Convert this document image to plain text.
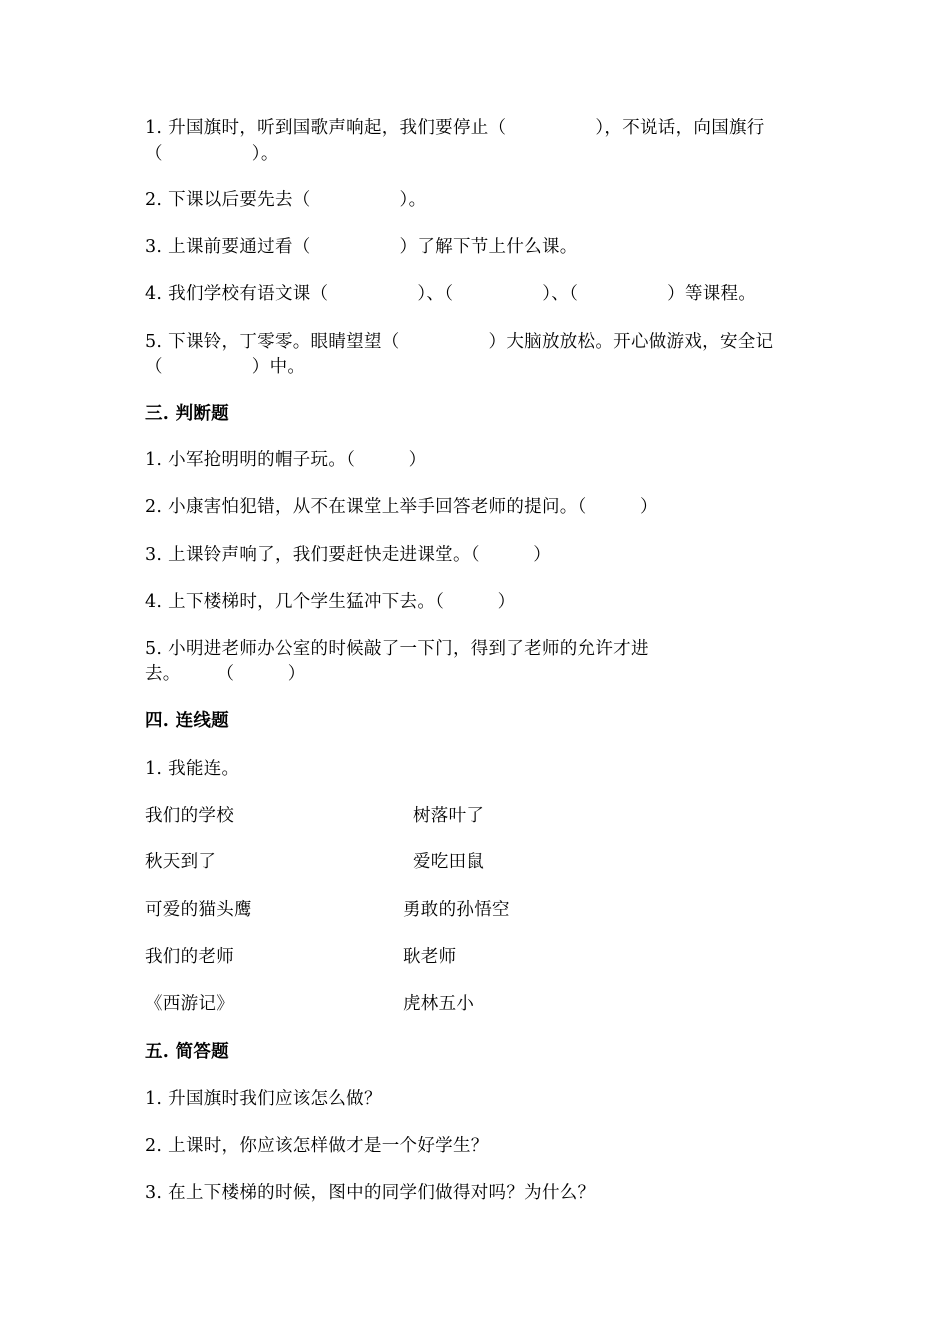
1. 升国旗时，听到国歌声响起，我们要停止（　　　　　），不说话，向国旗行
（　　　　　）。
2. 下课以后要先去（　　　　　）。
3. 上课前要通过看（　　　　　）了解下节上什么课。
4. 我们学校有语文课（　　　　　）、（　　　　　）、（　　　　　）等课程。
5. 下课铃，丁零零。眼睛望望（　　　　　）大脑放放松。开心做游戏，安全记
（　　　　　）中。
三. 判断题
1. 小军抢明明的帽子玩。（　　　）
2. 小康害怕犯错，从不在课堂上举手回答老师的提问。（　　　）
3. 上课铃声响了，我们要赶快走进课堂。（　　　）
4. 上下楼梯时，几个学生猛冲下去。（　　　）
5. 小明进老师办公室的时候敲了一下门，得到了老师的允许才进
去。　　　（　　　）
四. 连线题
1. 我能连。
我们的学校	树落叶了
秋天到了	爱吃田鼠
可爱的猫头鹰	勇敢的孙悟空
我们的老师	耿老师
《西游记》	虎林五小
五. 简答题
1. 升国旗时我们应该怎么做？
2. 上课时，你应该怎样做才是一个好学生？
3. 在上下楼梯的时候，图中的同学们做得对吗？为什么？
